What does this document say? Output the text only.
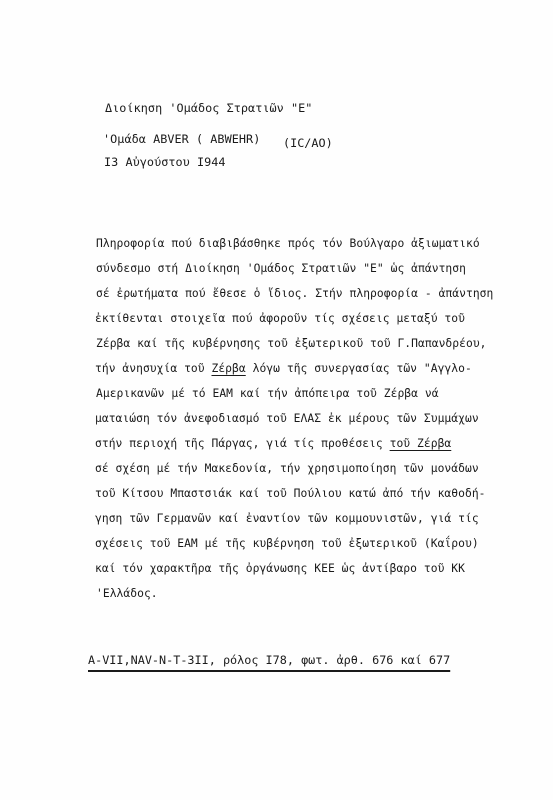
Διοίκηση 'Ομάδος Στρατιῶν "Ε"
'Ομάδα ABVER ( ABWEHR) (IC/AO)
I3 Αὐγούστου I944
Πληροφορία πού διαβιβάσθηκε πρός τόν Βούλγαρο ἀξιωματικό
σύνδεσμο στή Διοίκηση 'Ομάδος Στρατιῶν "Ε" ὡς ἀπάντηση
σέ ἐρωτήματα πού ἔθεσε ὁ ἴδιος. Στήν πληροφορία - ἀπάντηση
ἐκτίθενται στοιχεῖα πού ἀφοροῦν τίς σχέσεις μεταξύ τοῦ
Ζέρβα καί τῆς κυβέρνησης τοῦ ἐξωτερικοῦ τοῦ Γ.Παπανδρέου,
τήν ἀνησυχία τοῦ Ζέρβα λόγω τῆς συνεργασίας τῶν "Αγγλο-
Αμερικανῶν μέ τό ΕΑΜ καί τήν ἀπόπειρα τοῦ Ζέρβα νά
ματαιώση τόν ἀνεφοδιασμό τοῦ ΕΛΑΣ ἐκ μέρους τῶν Συμμάχων
στήν περιοχή τῆς Πάργας, γιά τίς προθέσεις τοῦ Ζέρβα
σέ σχέση μέ τήν Μακεδονία, τήν χρησιμοποίηση τῶν μονάδων
τοῦ Κίτσου Μπαστσιάκ καί τοῦ Πούλιου κατώ ἀπό τήν καθοδή-
γηση τῶν Γερμανῶν καί ἐναντίον τῶν κομμουνιστῶν, γιά τίς
σχέσεις τοῦ ΕΑΜ μέ τῆς κυβέρνηση τοῦ ἐξωτερικοῦ (Καΐρου)
καί τόν χαρακτῆρα τῆς ὀργάνωσης ΚΕΕ ὡς ἀντίβαρο τοῦ ΚΚ
'Ελλάδος.
A-VII,NAV-N-T-3II, ρόλος I78, φωτ. ἀρθ. 676 καί 677
